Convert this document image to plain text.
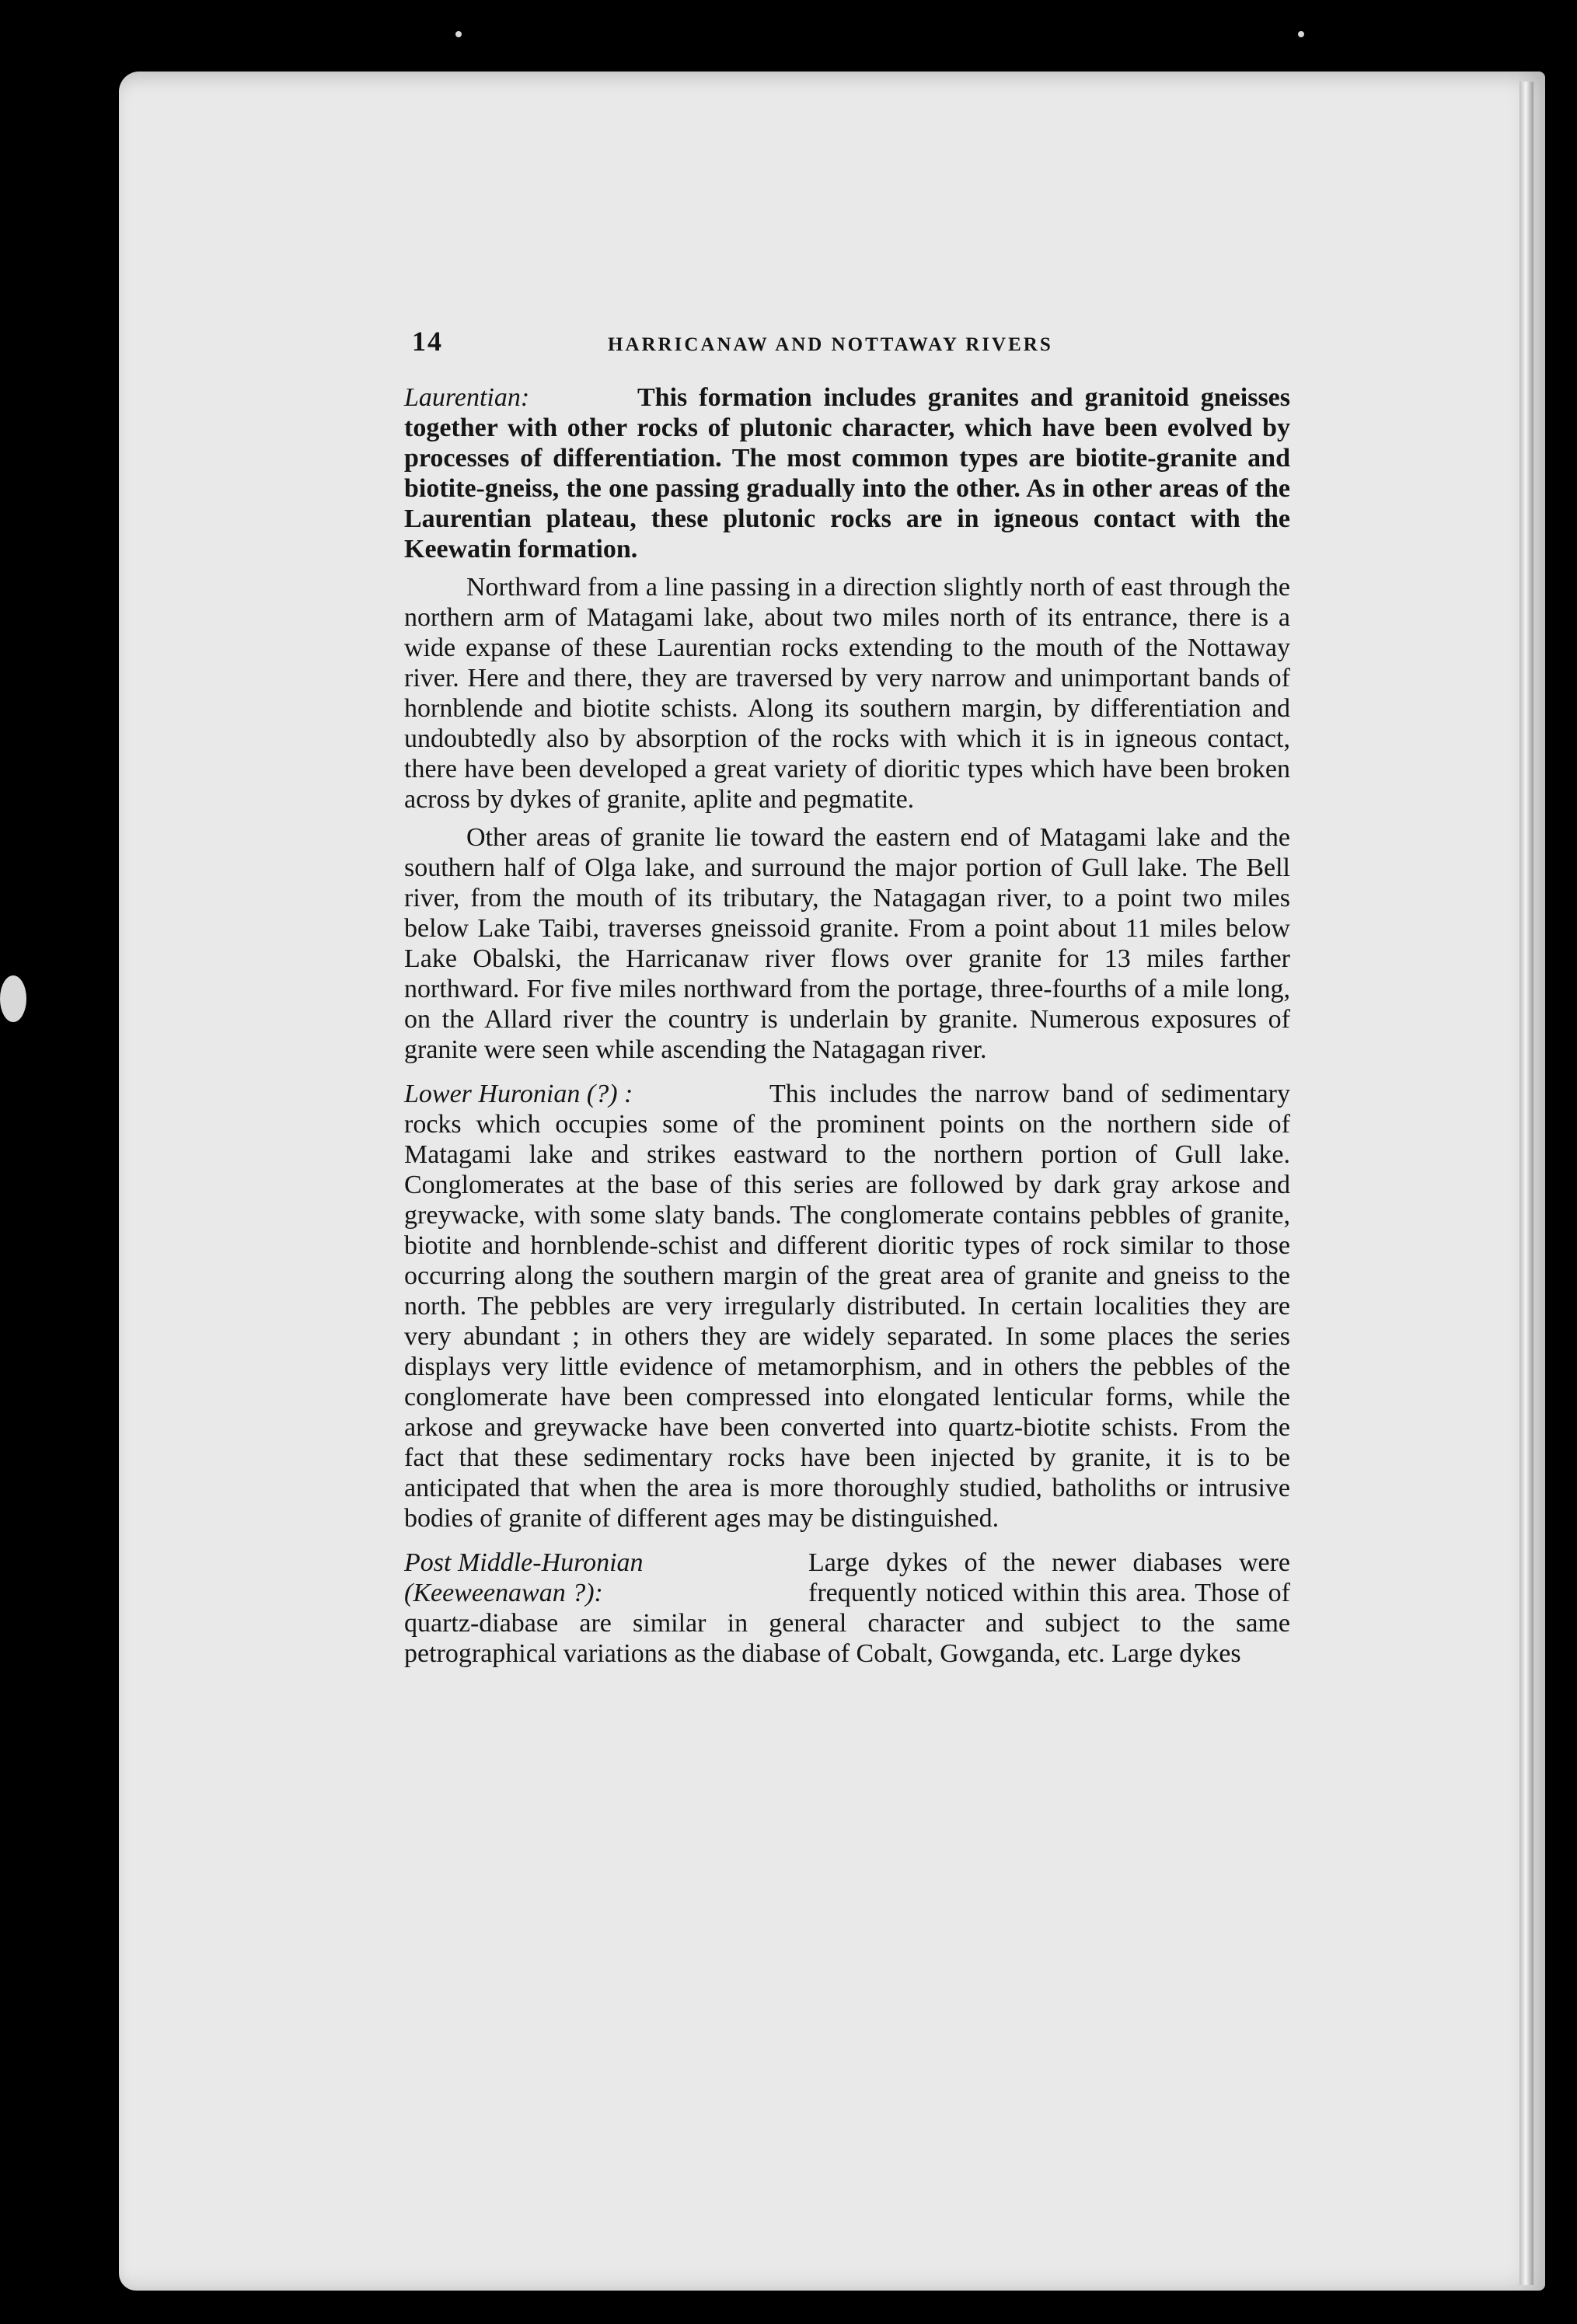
14	HARRICANAW AND NOTTAWAY RIVERS
Laurentian:	This formation includes granites and granitoid gneisses together with other rocks of plutonic character, which have been evolved by processes of differentiation. The most common types are biotite-granite and biotite-gneiss, the one passing gradually into the other. As in other areas of the Laurentian plateau, these plutonic rocks are in igneous contact with the Keewatin formation.
Northward from a line passing in a direction slightly north of east through the northern arm of Matagami lake, about two miles north of its entrance, there is a wide expanse of these Laurentian rocks extending to the mouth of the Nottaway river. Here and there, they are traversed by very narrow and unimportant bands of hornblende and biotite schists. Along its southern margin, by differentiation and undoubtedly also by absorption of the rocks with which it is in igneous contact, there have been developed a great variety of dioritic types which have been broken across by dykes of granite, aplite and pegmatite.
Other areas of granite lie toward the eastern end of Matagami lake and the southern half of Olga lake, and surround the major portion of Gull lake. The Bell river, from the mouth of its tributary, the Natagagan river, to a point two miles below Lake Taibi, traverses gneissoid granite. From a point about 11 miles below Lake Obalski, the Harricanaw river flows over granite for 13 miles farther northward. For five miles northward from the portage, three-fourths of a mile long, on the Allard river the country is underlain by granite. Numerous exposures of granite were seen while ascending the Natagagan river.
Lower Huronian (?) :	This includes the narrow band of sedimentary rocks which occupies some of the prominent points on the northern side of Matagami lake and strikes eastward to the northern portion of Gull lake. Conglomerates at the base of this series are followed by dark gray arkose and greywacke, with some slaty bands. The conglomerate contains pebbles of granite, biotite and hornblende-schist and different dioritic types of rock similar to those occurring along the southern margin of the great area of granite and gneiss to the north. The pebbles are very irregularly distributed. In certain localities they are very abundant ; in others they are widely separated. In some places the series displays very little evidence of metamorphism, and in others the pebbles of the conglomerate have been compressed into elongated lenticular forms, while the arkose and greywacke have been converted into quartz-biotite schists. From the fact that these sedimentary rocks have been injected by granite, it is to be anticipated that when the area is more thoroughly studied, batholiths or intrusive bodies of granite of different ages may be distinguished.
Post Middle-Huronian
(Keeweenawan ?):
Large dykes of the newer diabases were frequently noticed within this area. Those of quartz-diabase are similar in general character and subject to the same petrographical variations as the diabase of Cobalt, Gowganda, etc. Large dykes
